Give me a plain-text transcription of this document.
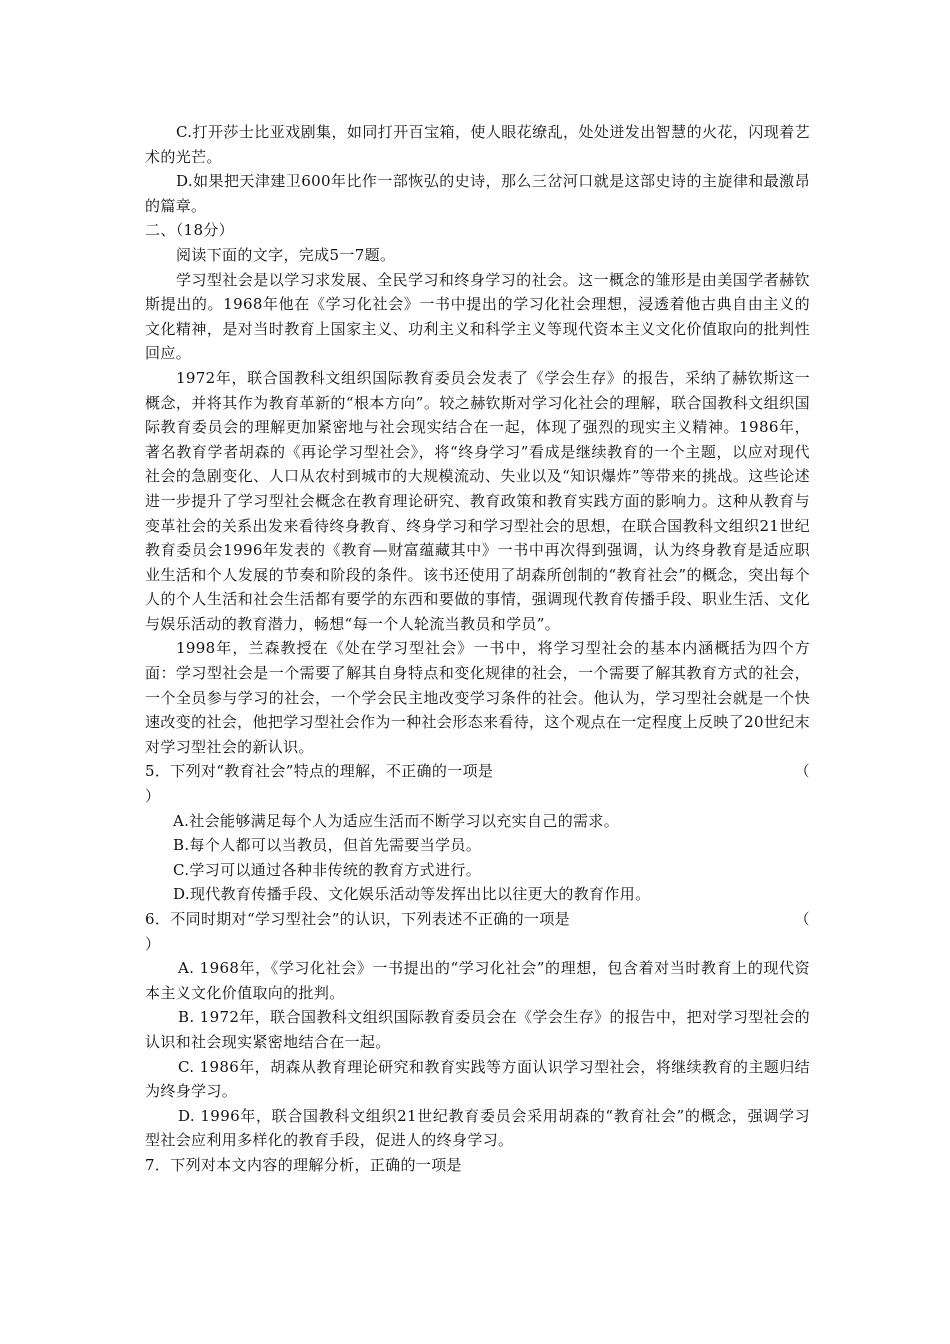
C.打开莎士比亚戏剧集，如同打开百宝箱，使人眼花缭乱，处处迸发出智慧的火花，闪现着艺术的光芒。

D.如果把天津建卫600年比作一部恢弘的史诗，那么三岔河口就是这部史诗的主旋律和最激昂的篇章。

二、（18分）

阅读下面的文字，完成5一7题。

学习型社会是以学习求发展、全民学习和终身学习的社会。这一概念的雏形是由美国学者赫钦斯提出的。1968年他在《学习化社会》一书中提出的学习化社会理想，浸透着他古典自由主义的文化精神，是对当时教育上国家主义、功利主义和科学主义等现代资本主义文化价值取向的批判性回应。

1972年，联合国教科文组织国际教育委员会发表了《学会生存》的报告，采纳了赫钦斯这一概念，并将其作为教育革新的“根本方向”。较之赫钦斯对学习化社会的理解，联合国教科文组织国际教育委员会的理解更加紧密地与社会现实结合在一起，体现了强烈的现实主义精神。1986年，著名教育学者胡森的《再论学习型社会》，将“终身学习”看成是继续教育的一个主题，以应对现代社会的急剧变化、人口从农村到城市的大规模流动、失业以及“知识爆炸”等带来的挑战。这些论述进一步提升了学习型社会概念在教育理论研究、教育政策和教育实践方面的影响力。这种从教育与变革社会的关系出发来看待终身教育、终身学习和学习型社会的思想，在联合国教科文组织21世纪教育委员会1996年发表的《教育—财富蕴藏其中》一书中再次得到强调，认为终身教育是适应职业生活和个人发展的节奏和阶段的条件。该书还使用了胡森所创制的“教育社会”的概念，突出每个人的个人生活和社会生活都有要学的东西和要做的事情，强调现代教育传播手段、职业生活、文化与娱乐活动的教育潜力，畅想“每一个人轮流当教员和学员”。

1998年，兰森教授在《处在学习型社会》一书中，将学习型社会的基本内涵概括为四个方面：学习型社会是一个需要了解其自身特点和变化规律的社会，一个需要了解其教育方式的社会，一个全员参与学习的社会，一个学会民主地改变学习条件的社会。他认为，学习型社会就是一个快速改变的社会，他把学习型社会作为一种社会形态来看待，这个观点在一定程度上反映了20世纪末对学习型社会的新认识。

5．下列对“教育社会”特点的理解，不正确的一项是	（

）

A.社会能够满足每个人为适应生活而不断学习以充实自己的需求。

B.每个人都可以当教员，但首先需要当学员。

C.学习可以通过各种非传统的教育方式进行。

D.现代教育传播手段、文化娱乐活动等发挥出比以往更大的教育作用。

6．不同时期对“学习型社会”的认识，下列表述不正确的一项是	（

）

A. 1968年，《学习化社会》一书提出的“学习化社会”的理想，包含着对当时教育上的现代资本主义文化价值取向的批判。

B. 1972年，联合国教科文组织国际教育委员会在《学会生存》的报告中，把对学习型社会的认识和社会现实紧密地结合在一起。

C. 1986年，胡森从教育理论研究和教育实践等方面认识学习型社会，将继续教育的主题归结为终身学习。

D. 1996年，联合国教科文组织21世纪教育委员会采用胡森的“教育社会”的概念，强调学习型社会应利用多样化的教育手段，促进人的终身学习。

7．下列对本文内容的理解分析，正确的一项是
